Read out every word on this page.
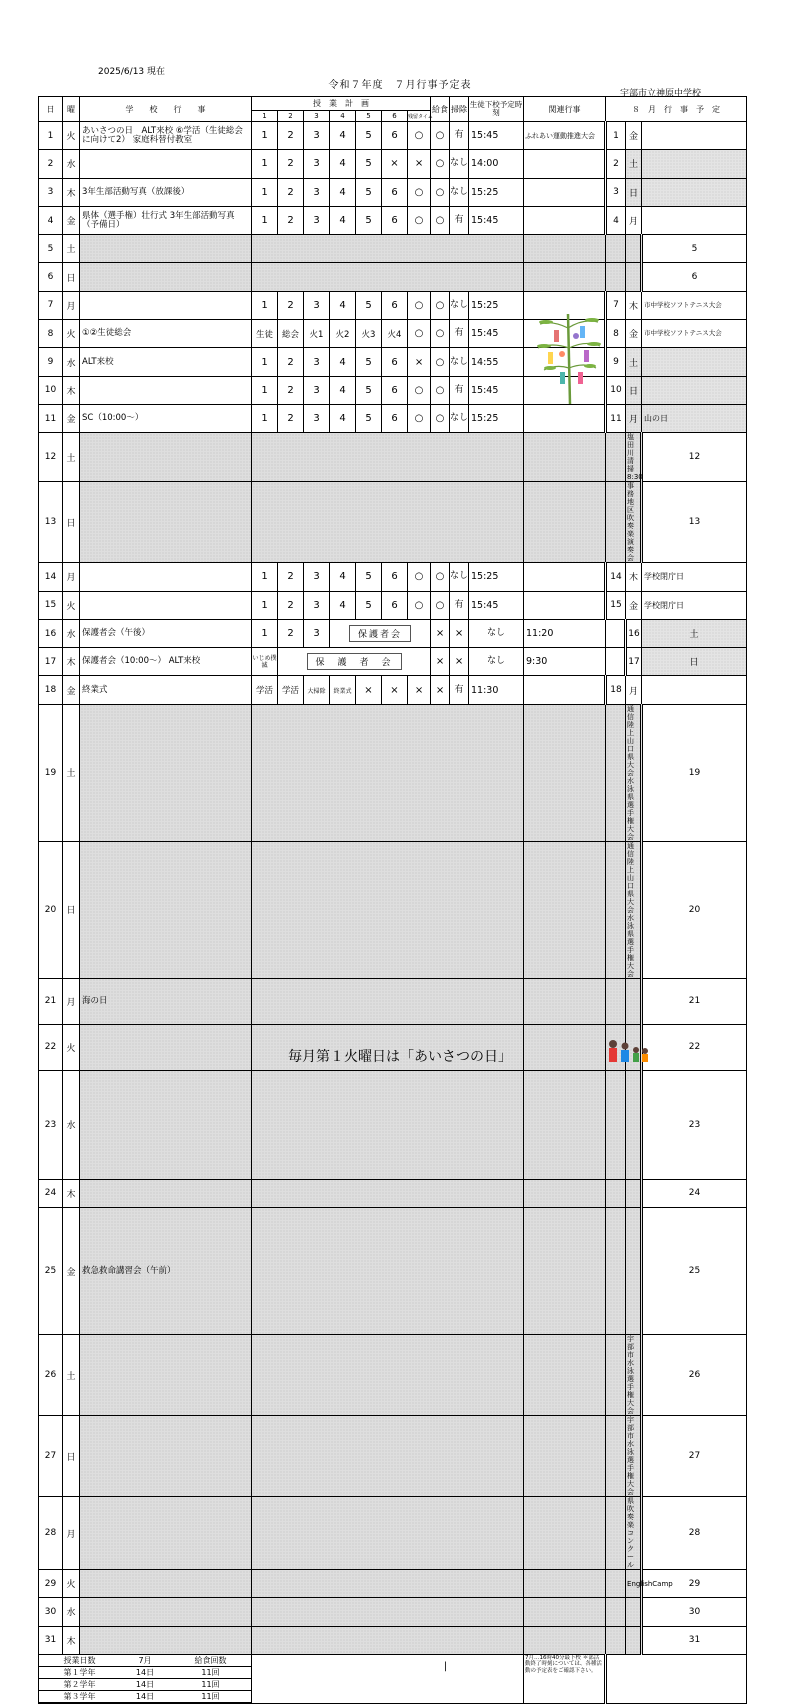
2025/6/13 現在
令和７年度　７月行事予定表
宇部市立神原中学校
日	曜	学　　校　　行　　事	授　業　計　画	給食	掃除	生徒下校予定時刻	関連行事	８　月　行　事　予　定
1	2	3	4	5	6	残留タイム
1	火	あいさつの日　ALT来校 ⑥学活（生徒総会に向けて2） 家庭科替付教室	1	2	3	4	5	6	○	○	有	15:45	ふれあい運動推進大会	1	金	
2	水		1	2	3	4	5	×	×	○	なし	14:00		2	土	
3	木	3年生部活動写真（放課後）	1	2	3	4	5	6	○	○	なし	15:25		3	日	
4	金	県体（選手権）壮行式 3年生部活動写真（予備日）	1	2	3	4	5	6	○	○	有	15:45		4	月	
5	土						5		
6	日						6		
7	月		1	2	3	4	5	6	○	○	なし	15:25		7	木	市中学校ソフトテニス大会
8	火	①②生徒総会	生徒	総会	火1	火2	火3	火4	○	○	有	15:45		8	金	市中学校ソフトテニス大会
9	水	ALT来校	1	2	3	4	5	6	×	○	なし	14:55		9	土	
10	木		1	2	3	4	5	6	○	○	有	15:45		10	日	
11	金	SC（10:00～）	1	2	3	4	5	6	○	○	なし	15:25		11	月	山の日
12	土					塩田川清掃8:30	12		
13	日					事務地区吹奏楽演奏会	13		
14	月		1	2	3	4	5	6	○	○	なし	15:25		14	木	学校閉庁日
15	火		1	2	3	4	5	6	○	○	有	15:45		15	金	学校閉庁日
16	水	保護者会（午後）	1	2	3	保護者会	×	×	なし	11:20		16	土	
17	木	保護者会（10:00～） ALT来校	いじめ撲滅	保　護　者　会	×	×	なし	9:30		17	日	
18	金	終業式	学活	学活	大掃除	終業式	×	×	×	×	有	11:30		18	月	
19	土					通信陸上山口県大会 水泳県選手権大会	19		
20	日					通信陸上山口県大会 水泳県選手権大会	20		
21	月	海の日					21		
22	火						22		
23	水						23		
24	木						24		
25	金	救急救命講習会（午前）					25		
26	土					宇部市水泳選手権大会	26		
27	日					宇部市水泳選手権大会	27		
28	月					県吹奏楽コンクール	28		
29	火					EnglishCamp	29		
30	水						30		
31	木						31		

授業日数	7月	給食回数
第１学年	14日	11回
第２学年	14日	11回
第３学年	14日	11回

|
	7月…16時40分最下校 ＊部活動終了時刻については、各種活動の予定表をご確認下さい。	
毎月第１火曜日は「あいさつの日」
